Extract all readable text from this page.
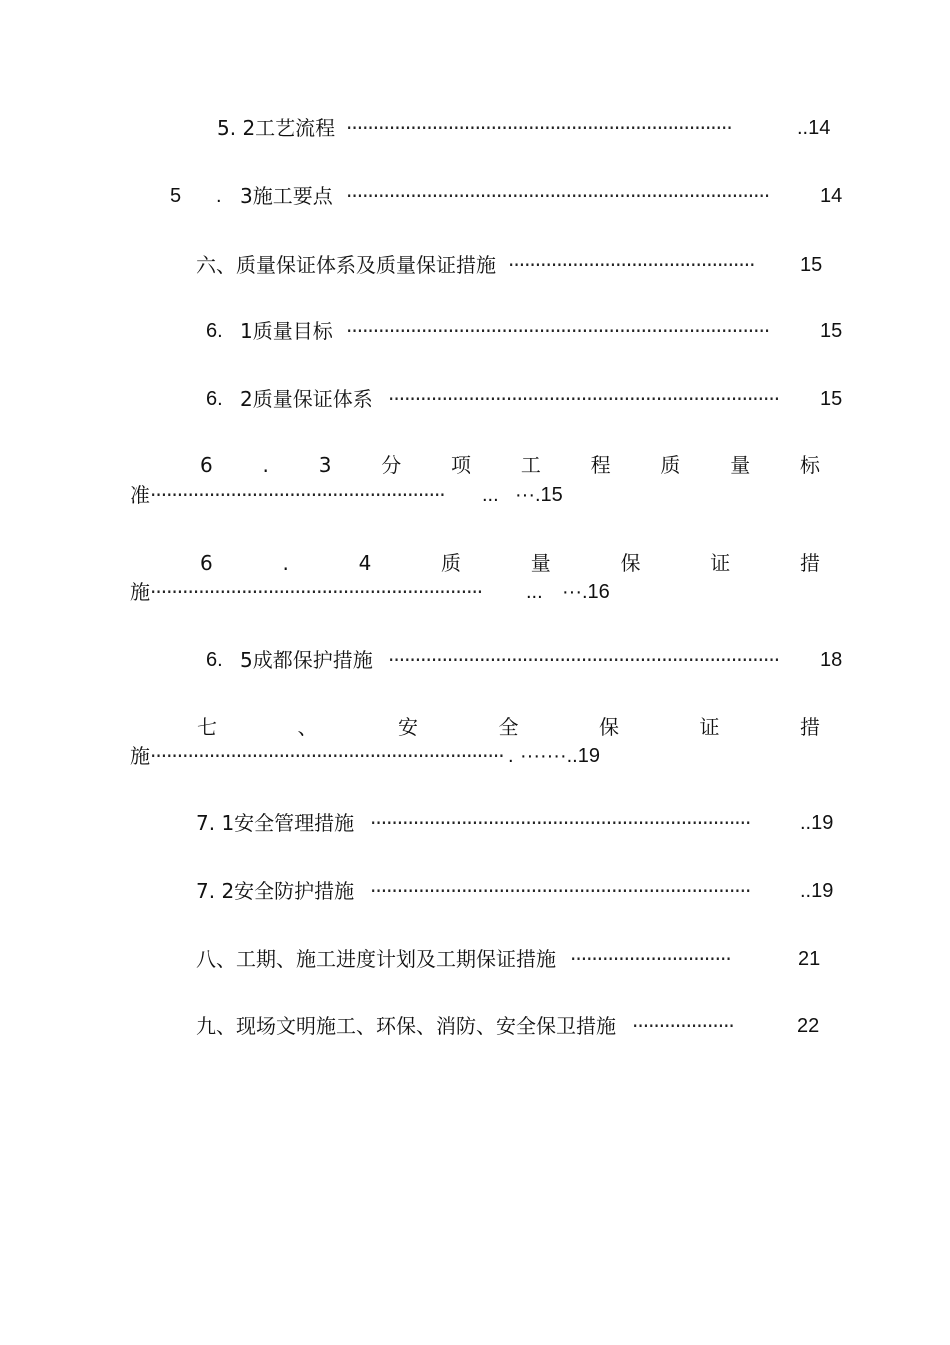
5. 2工艺流程 ········································································	..14
5 . 3施工要点 ···············································································	14
六、质量保证体系及质量保证措施 ·············································· 15
6. 1质量目标 ···············································································	15
6. 2质量保证体系 ········································································· 15
6 . 3 分 项 工 程 质 量 标
准 ······················································· ... ···.15
6	.	4	质	量	保	证	措
施 ······························································ ... ···.16
6. 5成都保护措施 ········································································· 18
七	、	安	全	保	证	措
施 ·································································· . ·······..19
7. 1安全管理措施 ······································································· ..19
7. 2安全防护措施 ······································································· ..19
八、工期、施工进度计划及工期保证措施 ······························	21
九、现场文明施工、环保、消防、安全保卫措施 ···················	22
